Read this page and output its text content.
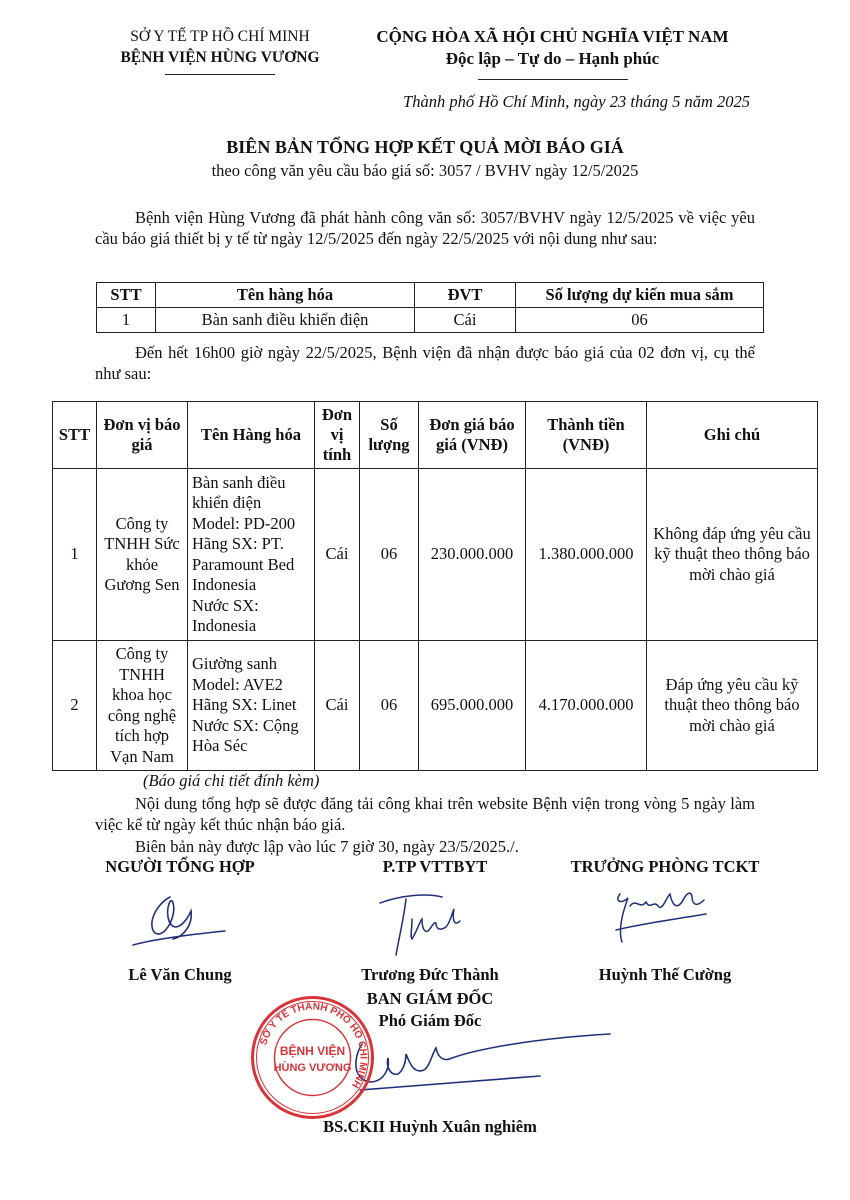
SỞ Y TẾ TP HỒ CHÍ MINH
BỆNH VIỆN HÙNG VƯƠNG
CỘNG HÒA XÃ HỘI CHỦ NGHĨA VIỆT NAM
Độc lập – Tự do – Hạnh phúc
Thành phố Hồ Chí Minh, ngày 23 tháng 5 năm 2025
BIÊN BẢN TỔNG HỢP KẾT QUẢ MỜI BÁO GIÁ
theo công văn yêu cầu báo giá số: 3057 / BVHV ngày 12/5/2025
Bệnh viện Hùng Vương đã phát hành công văn số: 3057/BVHV ngày 12/5/2025 về việc yêu cầu báo giá thiết bị y tế từ ngày 12/5/2025 đến ngày 22/5/2025 với nội dung như sau:
STT	Tên hàng hóa	ĐVT	Số lượng dự kiến mua sắm
1	Bàn sanh điều khiển điện	Cái	06
Đến hết 16h00 giờ ngày 22/5/2025, Bệnh viện đã nhận được báo giá của 02 đơn vị, cụ thể như sau:
STT	Đơn vị báo giá	Tên Hàng hóa	Đơn vị tính	Số lượng	Đơn giá báo giá (VNĐ)	Thành tiền (VNĐ)	Ghi chú
1	Công ty TNHH Sức khỏe Gương Sen	Bàn sanh điều khiển điện
Model: PD-200
Hãng SX: PT. Paramount Bed Indonesia
Nước SX: Indonesia	Cái	06	230.000.000	1.380.000.000	Không đáp ứng yêu cầu kỹ thuật theo thông báo mời chào giá
2	Công ty TNHH khoa học công nghệ tích hợp Vạn Nam	Giường sanh
Model: AVE2
Hãng SX: Linet
Nước SX: Cộng Hòa Séc	Cái	06	695.000.000	4.170.000.000	Đáp ứng yêu cầu kỹ thuật theo thông báo mời chào giá
(Báo giá chi tiết đính kèm)
Nội dung tổng hợp sẽ được đăng tải công khai trên website Bệnh viện trong vòng 5 ngày làm việc kể từ ngày kết thúc nhận báo giá.
Biên bản này được lập vào lúc 7 giờ 30, ngày 23/5/2025./.
NGƯỜI TỔNG HỢP	P.TP VTTBYT	TRƯỞNG PHÒNG TCKT
Lê Văn Chung	Trương Đức Thành	Huỳnh Thế Cường
BAN GIÁM ĐỐC
Phó Giám Đốc
SỞ Y TẾ THÀNH PHỐ HỒ CHÍ MINH
BỆNH VIỆN
HÙNG VƯƠNG
BS.CKII Huỳnh Xuân nghiêm
